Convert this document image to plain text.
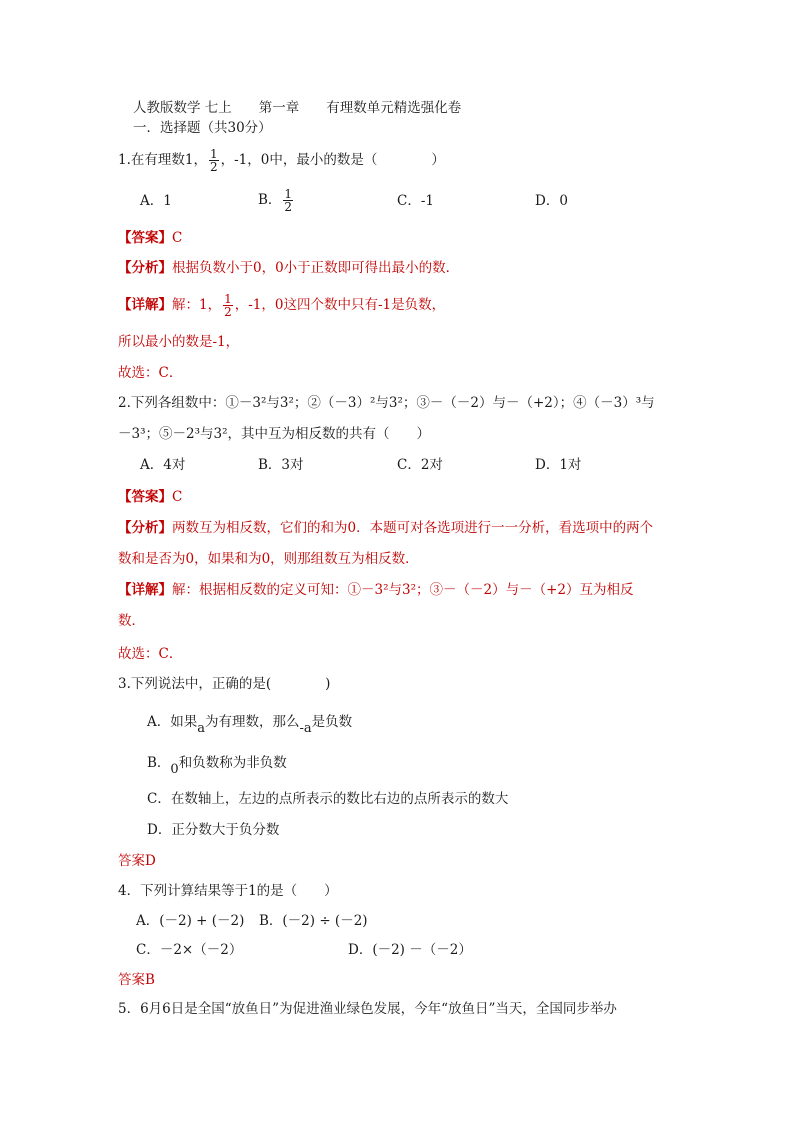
人教版数学 七上　　第一章　　有理数单元精选强化卷
一．选择题（共30分）
1.在有理数1， $\frac{1}{2}$ ，-1，0中，最小的数是（　　　　）
A．1	B． $\frac{1}{2}$	C．-1	D．0
【答案】C
【分析】根据负数小于0，0小于正数即可得出最小的数．
【详解】解：1， $\frac{1}{2}$ ，-1，0这四个数中只有-1是负数，
所以最小的数是-1，
故选：C．
2.下列各组数中：①－3²与3²；②（－3）²与3²；③－（－2）与－（+2）；④（－3）³与
－3³；⑤－2³与3²，其中互为相反数的共有（　　）
A．4对	B．3对	C．2对	D．1对
【答案】C
【分析】两数互为相反数，它们的和为0．本题可对各选项进行一一分析，看选项中的两个
数和是否为0，如果和为0，则那组数互为相反数．
【详解】解：根据相反数的定义可知：①－3²与3²；③－（－2）与－（+2）互为相反
数．
故选：C．
3.下列说法中，正确的是(　　　　)
A．如果a为有理数，那么-a是负数
B．0和负数称为非负数
C．在数轴上，左边的点所表示的数比右边的点所表示的数大
D．正分数大于负分数
答案D
4．下列计算结果等于1的是（　　）
A．(－2) + (－2) B．(－2) ÷ (－2)
C．－2×（－2）	D．(－2) －（－2）
答案B
5．6月6日是全国“放鱼日”为促进渔业绿色发展，今年“放鱼日”当天，全国同步举办
